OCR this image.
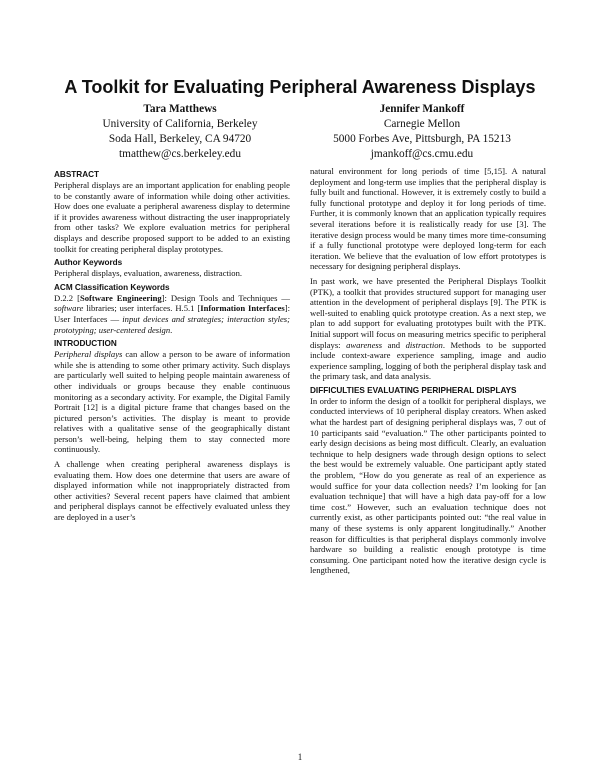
A Toolkit for Evaluating Peripheral Awareness Displays
Tara Matthews
University of California, Berkeley
Soda Hall, Berkeley, CA 94720
tmatthew@cs.berkeley.edu
Jennifer Mankoff
Carnegie Mellon
5000 Forbes Ave, Pittsburgh, PA 15213
jmankoff@cs.cmu.edu
ABSTRACT

Peripheral displays are an important application for enabling people to be constantly aware of information while doing other activities. How does one evaluate a peripheral awareness display to determine if it provides awareness without distracting the user inappropriately from other tasks? We explore evaluation metrics for peripheral displays and describe proposed support to be added to an existing toolkit for creating peripheral display prototypes.

Author Keywords

Peripheral displays, evaluation, awareness, distraction.

ACM Classification Keywords

D.2.2 [Software Engineering]: Design Tools and Techniques — software libraries; user interfaces. H.5.1 [Information Interfaces]: User Interfaces — input devices and strategies; interaction styles; prototyping; user-centered design.

INTRODUCTION

Peripheral displays can allow a person to be aware of information while she is attending to some other primary activity. Such displays are particularly well suited to helping people maintain awareness of other individuals or groups because they enable continuous monitoring as a secondary activity. For example, the Digital Family Portrait [12] is a digital picture frame that changes based on the pictured person’s activities. The display is meant to provide relatives with a qualitative sense of the geographically distant person’s well-being, helping them to stay connected more continuously.

A challenge when creating peripheral awareness displays is evaluating them. How does one determine that users are aware of displayed information while not inappropriately distracted from other activities? Several recent papers have claimed that ambient and peripheral displays cannot be effectively evaluated unless they are deployed in a user’s

natural environment for long periods of time [5,15]. A natural deployment and long-term use implies that the peripheral display is fully built and functional. However, it is extremely costly to build a fully functional prototype and deploy it for long periods of time. Further, it is commonly known that an application typically requires several iterations before it is realistically ready for use [3]. The iterative design process would be many times more time-consuming if a fully functional prototype were deployed long-term for each iteration. We believe that the evaluation of low effort prototypes is necessary for designing peripheral displays.

In past work, we have presented the Peripheral Displays Toolkit (PTK), a toolkit that provides structured support for managing user attention in the development of peripheral displays [9]. The PTK is well-suited to enabling quick prototype creation. As a next step, we plan to add support for evaluating prototypes built with the PTK. Initial support will focus on measuring metrics specific to peripheral displays: awareness and distraction. Methods to be supported include context-aware experience sampling, image and audio experience sampling, logging of both the peripheral display task and the primary task, and data analysis.

DIFFICULTIES EVALUATING PERIPHERAL DISPLAYS

In order to inform the design of a toolkit for peripheral displays, we conducted interviews of 10 peripheral display creators. When asked what the hardest part of designing peripheral displays was, 7 out of 10 participants said “evaluation.” The other participants pointed to early design decisions as being most difficult. Clearly, an evaluation technique to help designers wade through design options to select the best would be extremely valuable. One participant aptly stated the problem, “How do you generate as real of an experience as would suffice for your data collection needs? I’m looking for [an evaluation technique] that will have a high data pay-off for a low time cost.” However, such an evaluation technique does not currently exist, as other participants pointed out: “the real value in many of these systems is only apparent longitudinally.” Another reason for difficulties is that peripheral displays commonly involve hardware so building a realistic enough prototype is time consuming. One participant noted how the iterative design cycle is lengthened,

1
